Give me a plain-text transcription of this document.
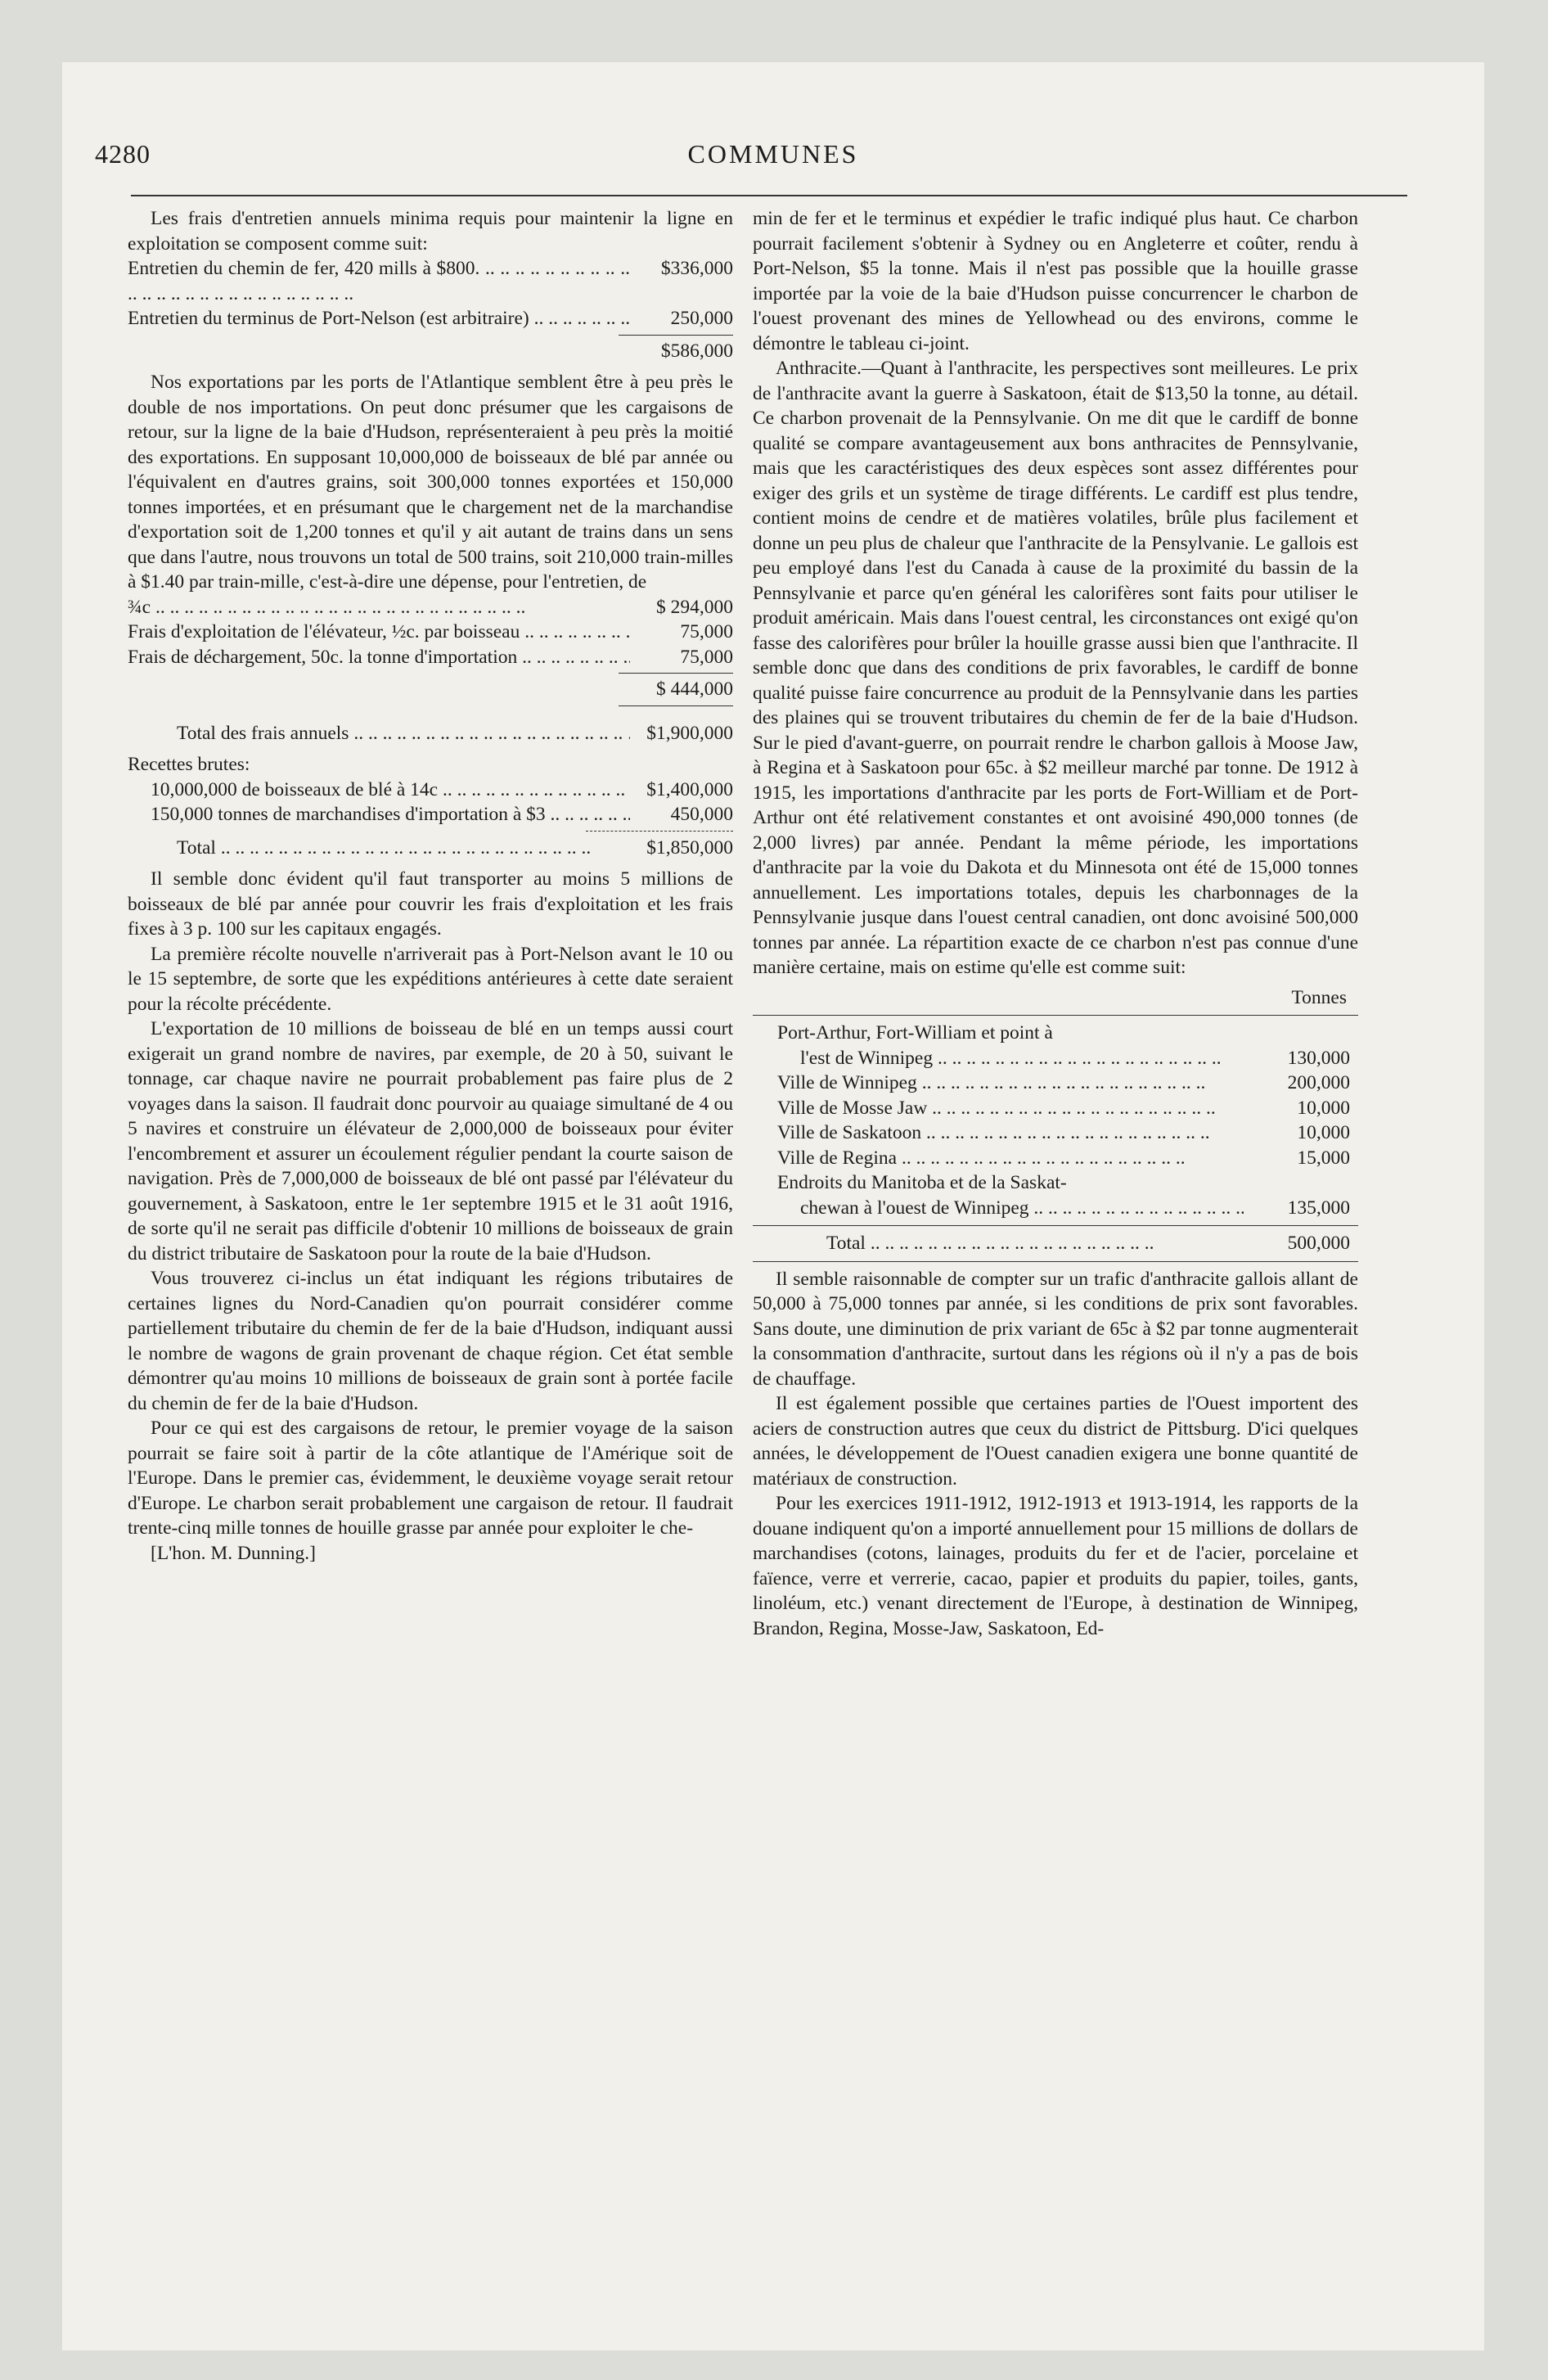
4280	COMMUNES

Les frais d'entretien annuels minima requis pour maintenir la ligne en exploitation se composent comme suit:

Entretien du chemin de fer, 420 mills à $800. .. ..	$336,000
Entretien du terminus de Port-Nelson (est arbitraire) .. ..	250,000
$586,000

Nos exportations par les ports de l'Atlantique semblent être à peu près le double de nos importations. On peut donc présumer que les cargaisons de retour, sur la ligne de la baie d'Hudson, représenteraient à peu près la moitié des exportations. En supposant 10,000,000 de boisseaux de blé par année ou l'équivalent en d'autres grains, soit 300,000 tonnes exportées et 150,000 tonnes importées, et en présumant que le chargement net de la marchandise d'exportation soit de 1,200 tonnes et qu'il y ait autant de trains dans un sens que dans l'autre, nous trouvons un total de 500 trains, soit 210,000 train-milles à $1.40 par train-mille, c'est-à-dire une dépense, pour l'entretien, de

¾c .. ..	$ 294,000
Frais d'exploitation de l'élévateur, ½c. par boisseau .. ..	75,000
Frais de déchargement, 50c. la tonne d'importation .. ..	75,000
$ 444,000
Total des frais annuels .. ..	$1,900,000
Recettes brutes:
10,000,000 de boisseaux de blé à 14c .. ..	$1,400,000
150,000 tonnes de marchandises d'importation à $3 .. ..	450,000
Total .. ..	$1,850,000

Il semble donc évident qu'il faut transporter au moins 5 millions de boisseaux de blé par année pour couvrir les frais d'exploitation et les frais fixes à 3 p. 100 sur les capitaux engagés.

La première récolte nouvelle n'arriverait pas à Port-Nelson avant le 10 ou le 15 septembre, de sorte que les expéditions antérieures à cette date seraient pour la récolte précédente.

L'exportation de 10 millions de boisseau de blé en un temps aussi court exigerait un grand nombre de navires, par exemple, de 20 à 50, suivant le tonnage, car chaque navire ne pourrait probablement pas faire plus de 2 voyages dans la saison. Il faudrait donc pourvoir au quaiage simultané de 4 ou 5 navires et construire un élévateur de 2,000,000 de boisseaux pour éviter l'encombrement et assurer un écoulement régulier pendant la courte saison de navigation. Près de 7,000,000 de boisseaux de blé ont passé par l'élévateur du gouvernement, à Saskatoon, entre le 1er septembre 1915 et le 31 août 1916, de sorte qu'il ne serait pas difficile d'obtenir 10 millions de boisseaux de grain du district tributaire de Saskatoon pour la route de la baie d'Hudson.

Vous trouverez ci-inclus un état indiquant les régions tributaires de certaines lignes du Nord-Canadien qu'on pourrait considérer comme partiellement tributaire du chemin de fer de la baie d'Hudson, indiquant aussi le nombre de wagons de grain provenant de chaque région. Cet état semble démontrer qu'au moins 10 millions de boisseaux de grain sont à portée facile du chemin de fer de la baie d'Hudson.

Pour ce qui est des cargaisons de retour, le premier voyage de la saison pourrait se faire soit à partir de la côte atlantique de l'Amérique soit de l'Europe. Dans le premier cas, évidemment, le deuxième voyage serait retour d'Europe. Le charbon serait probablement une cargaison de retour. Il faudrait trente-cinq mille tonnes de houille grasse par année pour exploiter le che-

[L'hon. M. Dunning.]

min de fer et le terminus et expédier le trafic indiqué plus haut. Ce charbon pourrait facilement s'obtenir à Sydney ou en Angleterre et coûter, rendu à Port-Nelson, $5 la tonne. Mais il n'est pas possible que la houille grasse importée par la voie de la baie d'Hudson puisse concurrencer le charbon de l'ouest provenant des mines de Yellowhead ou des environs, comme le démontre le tableau ci-joint.

Anthracite.—Quant à l'anthracite, les perspectives sont meilleures. Le prix de l'anthracite avant la guerre à Saskatoon, était de $13,50 la tonne, au détail. Ce charbon provenait de la Pennsylvanie. On me dit que le cardiff de bonne qualité se compare avantageusement aux bons anthracites de Pennsylvanie, mais que les caractéristiques des deux espèces sont assez différentes pour exiger des grils et un système de tirage différents. Le cardiff est plus tendre, contient moins de cendre et de matières volatiles, brûle plus facilement et donne un peu plus de chaleur que l'anthracite de la Pensylvanie. Le gallois est peu employé dans l'est du Canada à cause de la proximité du bassin de la Pennsylvanie et parce qu'en général les calorifères sont faits pour utiliser le produit américain. Mais dans l'ouest central, les circonstances ont exigé qu'on fasse des calorifères pour brûler la houille grasse aussi bien que l'anthracite. Il semble donc que dans des conditions de prix favorables, le cardiff de bonne qualité puisse faire concurrence au produit de la Pennsylvanie dans les parties des plaines qui se trouvent tributaires du chemin de fer de la baie d'Hudson. Sur le pied d'avant-guerre, on pourrait rendre le charbon gallois à Moose Jaw, à Regina et à Saskatoon pour 65c. à $2 meilleur marché par tonne. De 1912 à 1915, les importations d'anthracite par les ports de Fort-William et de Port-Arthur ont été relativement constantes et ont avoisiné 490,000 tonnes (de 2,000 livres) par année. Pendant la même période, les importations d'anthracite par la voie du Dakota et du Minnesota ont été de 15,000 tonnes annuellement. Les importations totales, depuis les charbonnages de la Pennsylvanie jusque dans l'ouest central canadien, ont donc avoisiné 500,000 tonnes par année. La répartition exacte de ce charbon n'est pas connue d'une manière certaine, mais on estime qu'elle est comme suit:

Tonnes
Port-Arthur, Fort-William et point à
l'est de Winnipeg .. ..	130,000
Ville de Winnipeg .. ..	200,000
Ville de Mosse Jaw .. ..	10,000
Ville de Saskatoon .. ..	10,000
Ville de Regina .. ..	15,000
Endroits du Manitoba et de la Saskat-
chewan à l'ouest de Winnipeg .. ..	135,000
Total .. ..	500,000

Il semble raisonnable de compter sur un trafic d'anthracite gallois allant de 50,000 à 75,000 tonnes par année, si les conditions de prix sont favorables. Sans doute, une diminution de prix variant de 65c à $2 par tonne augmenterait la consommation d'anthracite, surtout dans les régions où il n'y a pas de bois de chauffage.

Il est également possible que certaines parties de l'Ouest importent des aciers de construction autres que ceux du district de Pittsburg. D'ici quelques années, le développement de l'Ouest canadien exigera une bonne quantité de matériaux de construction.

Pour les exercices 1911-1912, 1912-1913 et 1913-1914, les rapports de la douane indiquent qu'on a importé annuellement pour 15 millions de dollars de marchandises (cotons, lainages, produits du fer et de l'acier, porcelaine et faïence, verre et verrerie, cacao, papier et produits du papier, toiles, gants, linoléum, etc.) venant directement de l'Europe, à destination de Winnipeg, Brandon, Regina, Mosse-Jaw, Saskatoon, Ed-
